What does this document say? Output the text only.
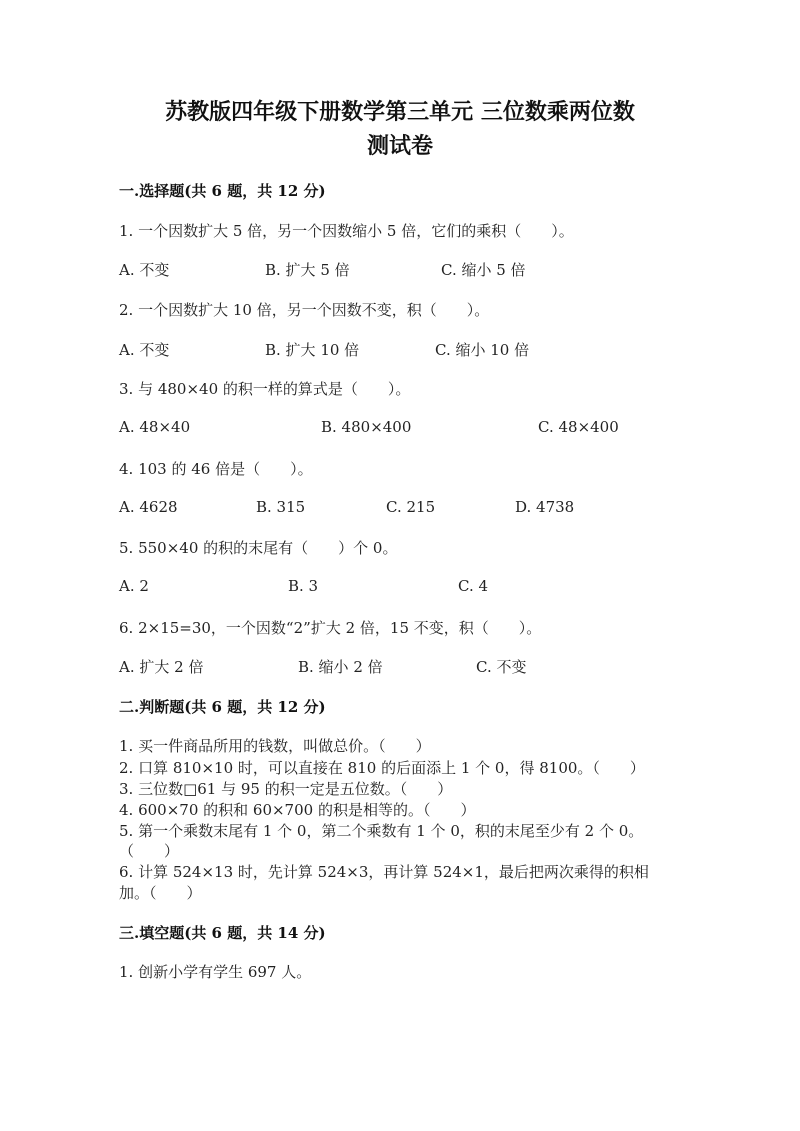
苏教版四年级下册数学第三单元 三位数乘两位数
测试卷
一.选择题(共 6 题，共 12 分)
1. 一个因数扩大 5 倍，另一个因数缩小 5 倍，它们的乘积（　　）。
A. 不变	B. 扩大 5 倍	C. 缩小 5 倍
2. 一个因数扩大 10 倍，另一个因数不变，积（　　）。
A. 不变	B. 扩大 10 倍	C. 缩小 10 倍
3. 与 480×40 的积一样的算式是（　　）。
A. 48×40	B. 480×400	C. 48×400
4. 103 的 46 倍是（　　）。
A. 4628	B. 315	C. 215	D. 4738
5. 550×40 的积的末尾有（　　）个 0。
A. 2	B. 3	C. 4
6. 2×15=30，一个因数“2”扩大 2 倍，15 不变，积（　　）。
A. 扩大 2 倍	B. 缩小 2 倍	C. 不变
二.判断题(共 6 题，共 12 分)
1. 买一件商品所用的钱数，叫做总价。（　　）
2. 口算 810×10 时，可以直接在 810 的后面添上 1 个 0，得 8100。（　　）
3. 三位数□61 与 95 的积一定是五位数。（　　）
4. 600×70 的积和 60×700 的积是相等的。（　　）
5. 第一个乘数末尾有 1 个 0，第二个乘数有 1 个 0，积的末尾至少有 2 个 0。
（　　）
6. 计算 524×13 时，先计算 524×3，再计算 524×1，最后把两次乘得的积相
加。（　　）
三.填空题(共 6 题，共 14 分)
1. 创新小学有学生 697 人。
